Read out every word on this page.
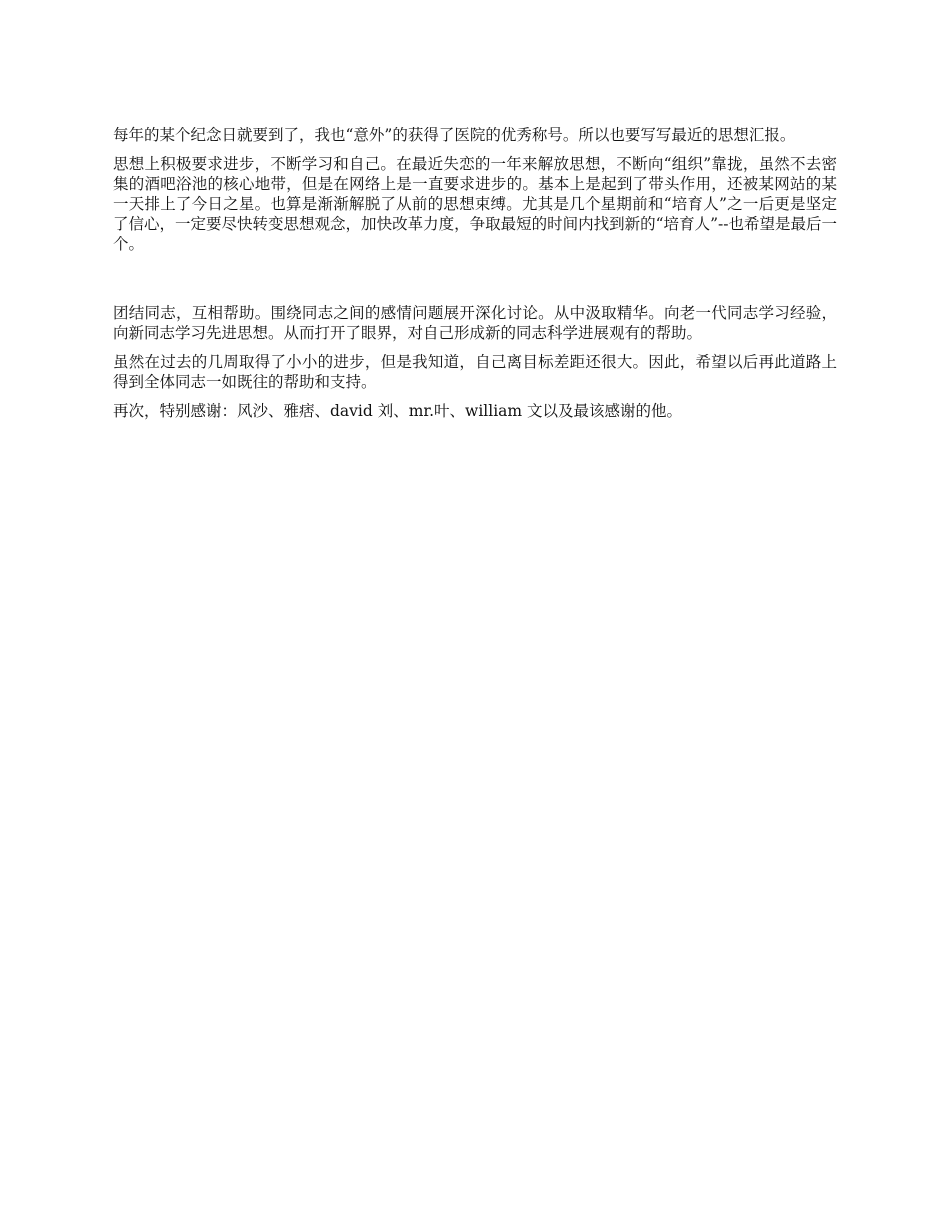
每年的某个纪念日就要到了，我也“意外”的获得了医院的优秀称号。所以也要写写最近的思想汇报。

思想上积极要求进步，不断学习和自己。在最近失恋的一年来解放思想，不断向“组织”靠拢，虽然不去密集的酒吧浴池的核心地带，但是在网络上是一直要求进步的。基本上是起到了带头作用，还被某网站的某一天排上了今日之星。也算是渐渐解脱了从前的思想束缚。尤其是几个星期前和“培育人”之一后更是坚定了信心，一定要尽快转变思想观念，加快改革力度，争取最短的时间内找到新的“培育人”--也希望是最后一个。

团结同志，互相帮助。围绕同志之间的感情问题展开深化讨论。从中汲取精华。向老一代同志学习经验，向新同志学习先进思想。从而打开了眼界，对自己形成新的同志科学进展观有的帮助。

虽然在过去的几周取得了小小的进步，但是我知道，自己离目标差距还很大。因此，希望以后再此道路上得到全体同志一如既往的帮助和支持。

再次，特别感谢：风沙、雅痞、david 刘、mr.叶、william 文以及最该感谢的他。
